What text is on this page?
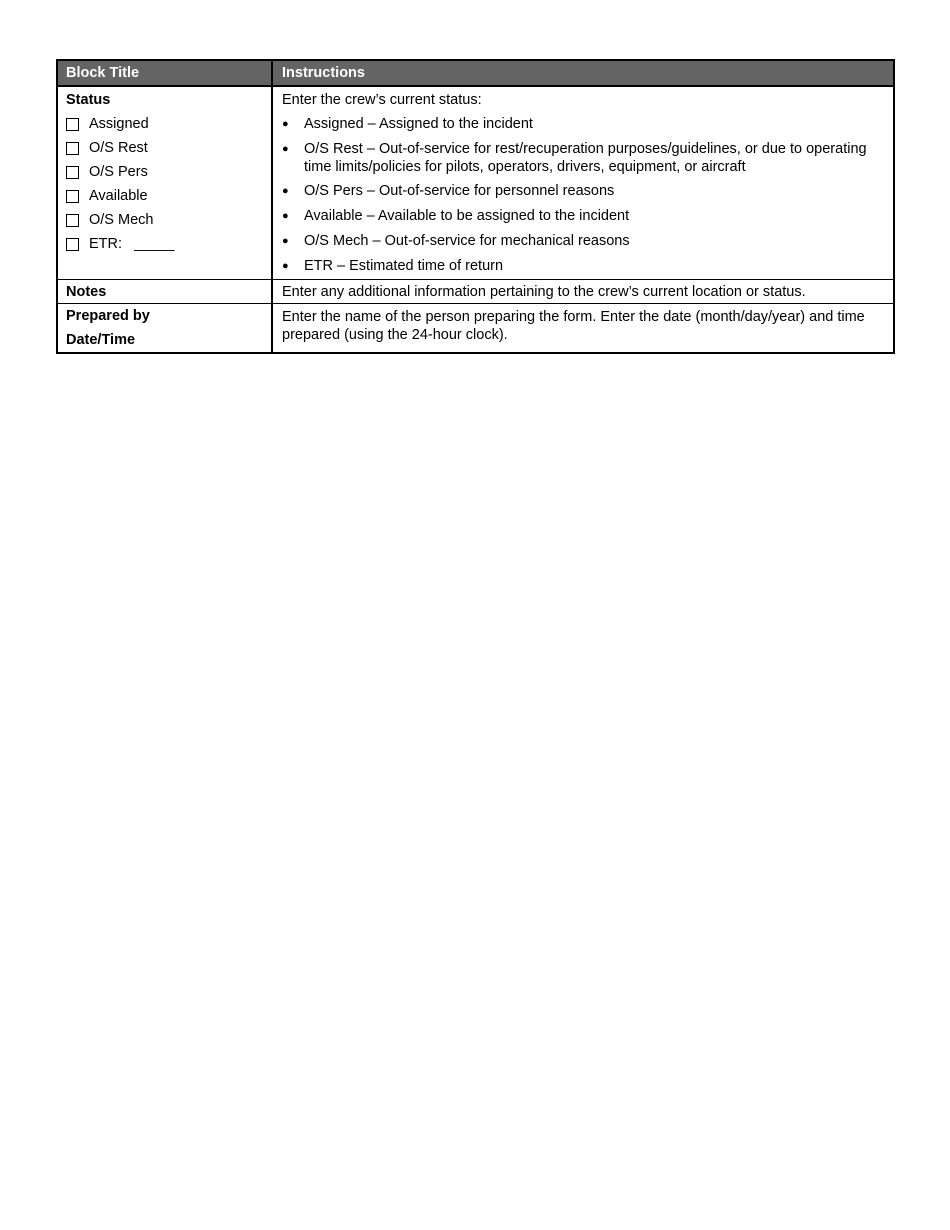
Block Title	Instructions
Status
Assigned
O/S Rest
O/S Pers
Available
O/S Mech
ETR:   _____
Enter the crew’s current status:
● Assigned – Assigned to the incident
● O/S Rest – Out-of-service for rest/recuperation purposes/guidelines, or due to operating time limits/policies for pilots, operators, drivers, equipment, or aircraft
● O/S Pers – Out-of-service for personnel reasons
● Available – Available to be assigned to the incident
● O/S Mech – Out-of-service for mechanical reasons
● ETR – Estimated time of return
Notes	Enter any additional information pertaining to the crew’s current location or status.
Prepared by
Date/Time
Enter the name of the person preparing the form. Enter the date (month/day/year) and time prepared (using the 24-hour clock).
